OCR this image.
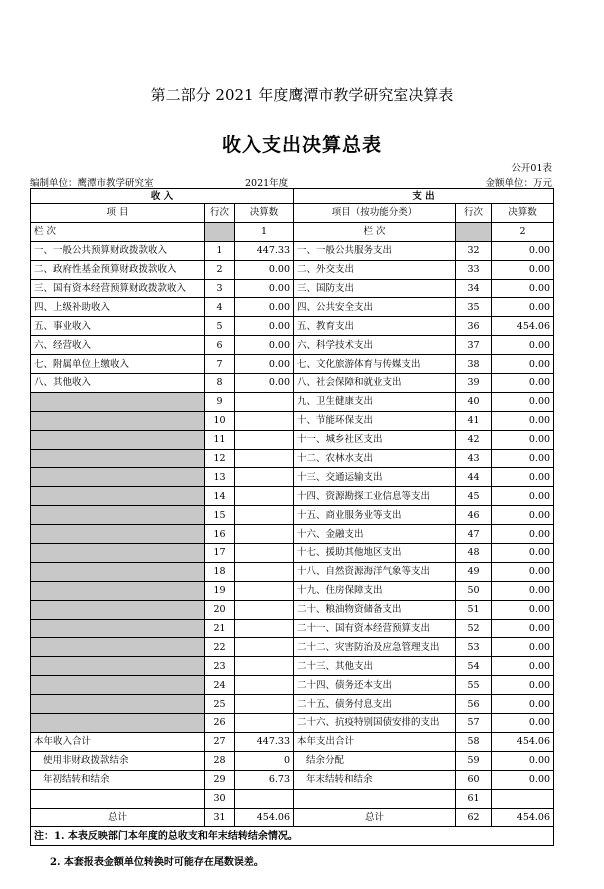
第二部分 2021 年度鹰潭市教学研究室决算表
收入支出决算总表
公开01表
编制单位：鹰潭市教学研究室	2021年度	金额单位：万元
收 入			支 出		
项 目	行次	决算数	项目（按功能分类）	行次	决算数
栏 次		1	栏 次		2
一、一般公共预算财政拨款收入	1	447.33	一、一般公共服务支出	32	0.00
二、政府性基金预算财政拨款收入	2	0.00	二、外交支出	33	0.00
三、国有资本经营预算财政拨款收入	3	0.00	三、国防支出	34	0.00
四、上级补助收入	4	0.00	四、公共安全支出	35	0.00
五、事业收入	5	0.00	五、教育支出	36	454.06
六、经营收入	6	0.00	六、科学技术支出	37	0.00
七、附属单位上缴收入	7	0.00	七、文化旅游体育与传媒支出	38	0.00
八、其他收入	8	0.00	八、社会保障和就业支出	39	0.00
	9		九、卫生健康支出	40	0.00
	10		十、节能环保支出	41	0.00
	11		十一、城乡社区支出	42	0.00
	12		十二、农林水支出	43	0.00
	13		十三、交通运输支出	44	0.00
	14		十四、资源勘探工业信息等支出	45	0.00
	15		十五、商业服务业等支出	46	0.00
	16		十六、金融支出	47	0.00
	17		十七、援助其他地区支出	48	0.00
	18		十八、自然资源海洋气象等支出	49	0.00
	19		十九、住房保障支出	50	0.00
	20		二十、粮油物资储备支出	51	0.00
	21		二十一、国有资本经营预算支出	52	0.00
	22		二十二、灾害防治及应急管理支出	53	0.00
	23		二十三、其他支出	54	0.00
	24		二十四、债务还本支出	55	0.00
	25		二十五、债务付息支出	56	0.00
	26		二十六、抗疫特别国债安排的支出	57	0.00
本年收入合计	27	447.33	本年支出合计	58	454.06
使用非财政拨款结余	28	0	结余分配	59	0.00
年初结转和结余	29	6.73	年末结转和结余	60	0.00
	30			61	
总计	31	454.06	总计	62	454.06
注：1. 本表反映部门本年度的总收支和年末结转结余情况。					
2. 本套报表金额单位转换时可能存在尾数误差。
